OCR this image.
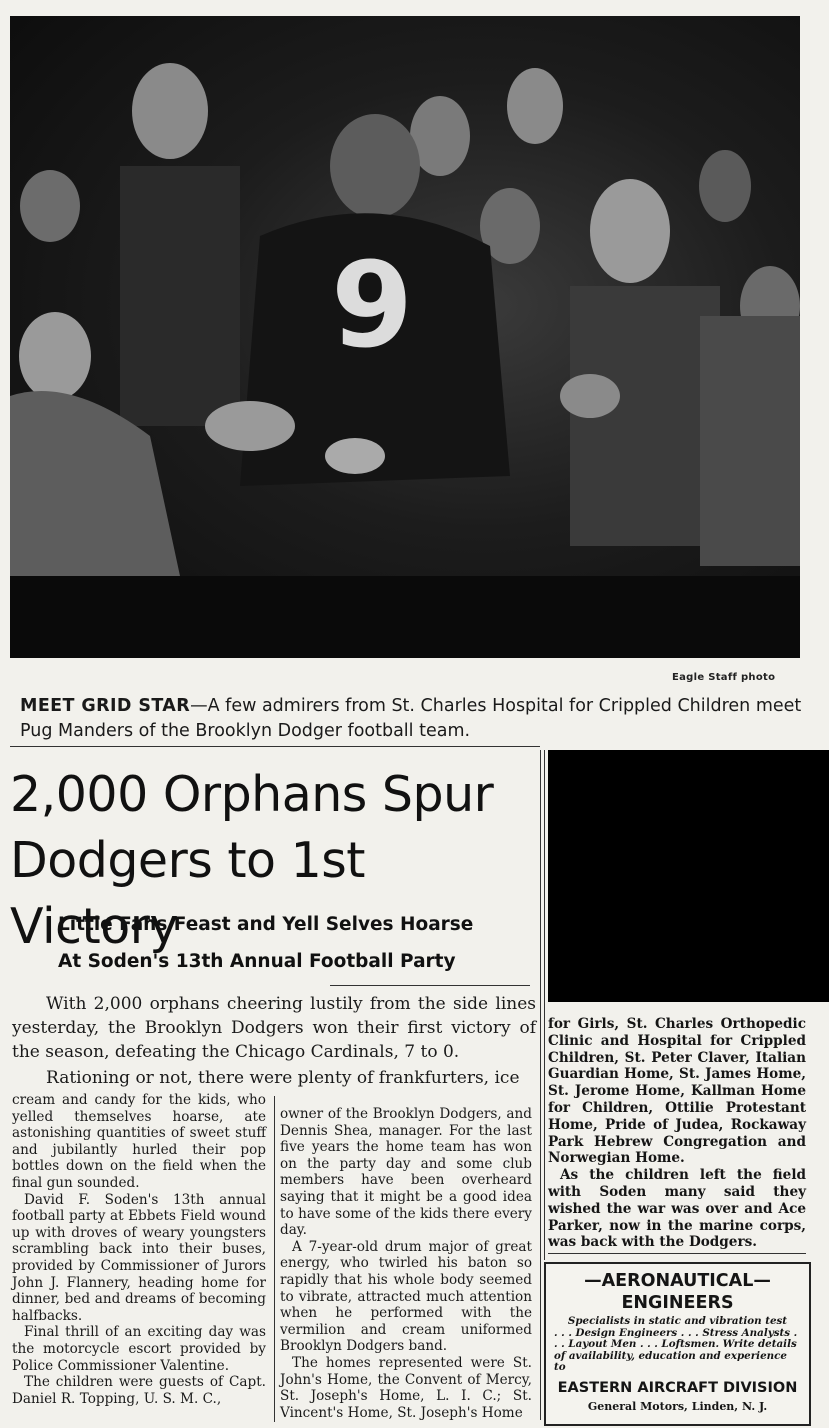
9
Eagle Staff photo
MEET GRID STAR—A few admirers from St. Charles Hospital for Crippled Children meet Pug Manders of the Brooklyn Dodger football team.
2,000 Orphans Spur
Dodgers to 1st Victory
Little Fans Feast and Yell Selves Hoarse
At Soden's 13th Annual Football Party
With 2,000 orphans cheering lustily from the side lines yesterday, the Brooklyn Dodgers won their first victory of the season, defeating the Chicago Cardinals, 7 to 0.
Rationing or not, there were plenty of frankfurters, ice

cream and candy for the kids, who yelled themselves hoarse, ate astonishing quantities of sweet stuff and jubilantly hurled their pop bottles down on the field when the final gun sounded.

David F. Soden's 13th annual football party at Ebbets Field wound up with droves of weary youngsters scrambling back into their buses, provided by Commissioner of Jurors John J. Flannery, heading home for dinner, bed and dreams of becoming halfbacks.

Final thrill of an exciting day was the motorcycle escort provided by Police Commissioner Valentine.

The children were guests of Capt. Daniel R. Topping, U. S. M. C.,

owner of the Brooklyn Dodgers, and Dennis Shea, manager. For the last five years the home team has won on the party day and some club members have been overheard saying that it might be a good idea to have some of the kids there every day.

A 7-year-old drum major of great energy, who twirled his baton so rapidly that his whole body seemed to vibrate, attracted much attention when he performed with the vermilion and cream uniformed Brooklyn Dodgers band.

The homes represented were St. John's Home, the Convent of Mercy, St. Joseph's Home, L. I. C.; St. Vincent's Home, St. Joseph's Home

for Girls, St. Charles Orthopedic Clinic and Hospital for Crippled Children, St. Peter Claver, Italian Guardian Home, St. James Home, St. Jerome Home, Kallman Home for Children, Ottilie Protestant Home, Pride of Judea, Rockaway Park Hebrew Congregation and Norwegian Home.

As the children left the field with Soden many said they wished the war was over and Ace Parker, now in the marine corps, was back with the Dodgers.

—AERONAUTICAL—
ENGINEERS
Specialists in static and vibration test
. . . Design Engineers . . . Stress Analysts . . . Layout Men . . . Loftsmen. Write details of availability, education and experience to
EASTERN AIRCRAFT DIVISION
General Motors, Linden, N. J.
